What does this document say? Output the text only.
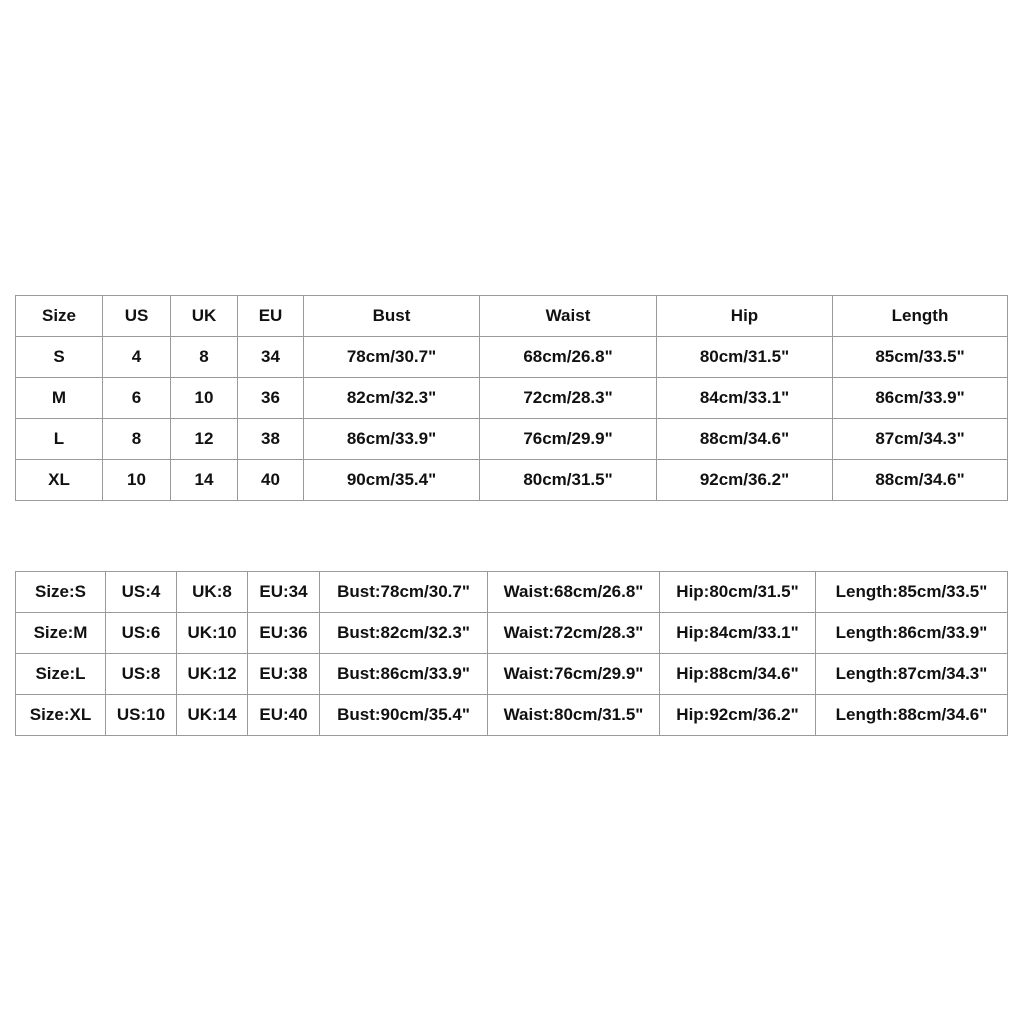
Size	US	UK	EU	Bust	Waist	Hip	Length
S	4	8	34	78cm/30.7"	68cm/26.8"	80cm/31.5"	85cm/33.5"
M	6	10	36	82cm/32.3"	72cm/28.3"	84cm/33.1"	86cm/33.9"
L	8	12	38	86cm/33.9"	76cm/29.9"	88cm/34.6"	87cm/34.3"
XL	10	14	40	90cm/35.4"	80cm/31.5"	92cm/36.2"	88cm/34.6"
Size:S	US:4	UK:8	EU:34	Bust:78cm/30.7"	Waist:68cm/26.8"	Hip:80cm/31.5"	Length:85cm/33.5"
Size:M	US:6	UK:10	EU:36	Bust:82cm/32.3"	Waist:72cm/28.3"	Hip:84cm/33.1"	Length:86cm/33.9"
Size:L	US:8	UK:12	EU:38	Bust:86cm/33.9"	Waist:76cm/29.9"	Hip:88cm/34.6"	Length:87cm/34.3"
Size:XL	US:10	UK:14	EU:40	Bust:90cm/35.4"	Waist:80cm/31.5"	Hip:92cm/36.2"	Length:88cm/34.6"
